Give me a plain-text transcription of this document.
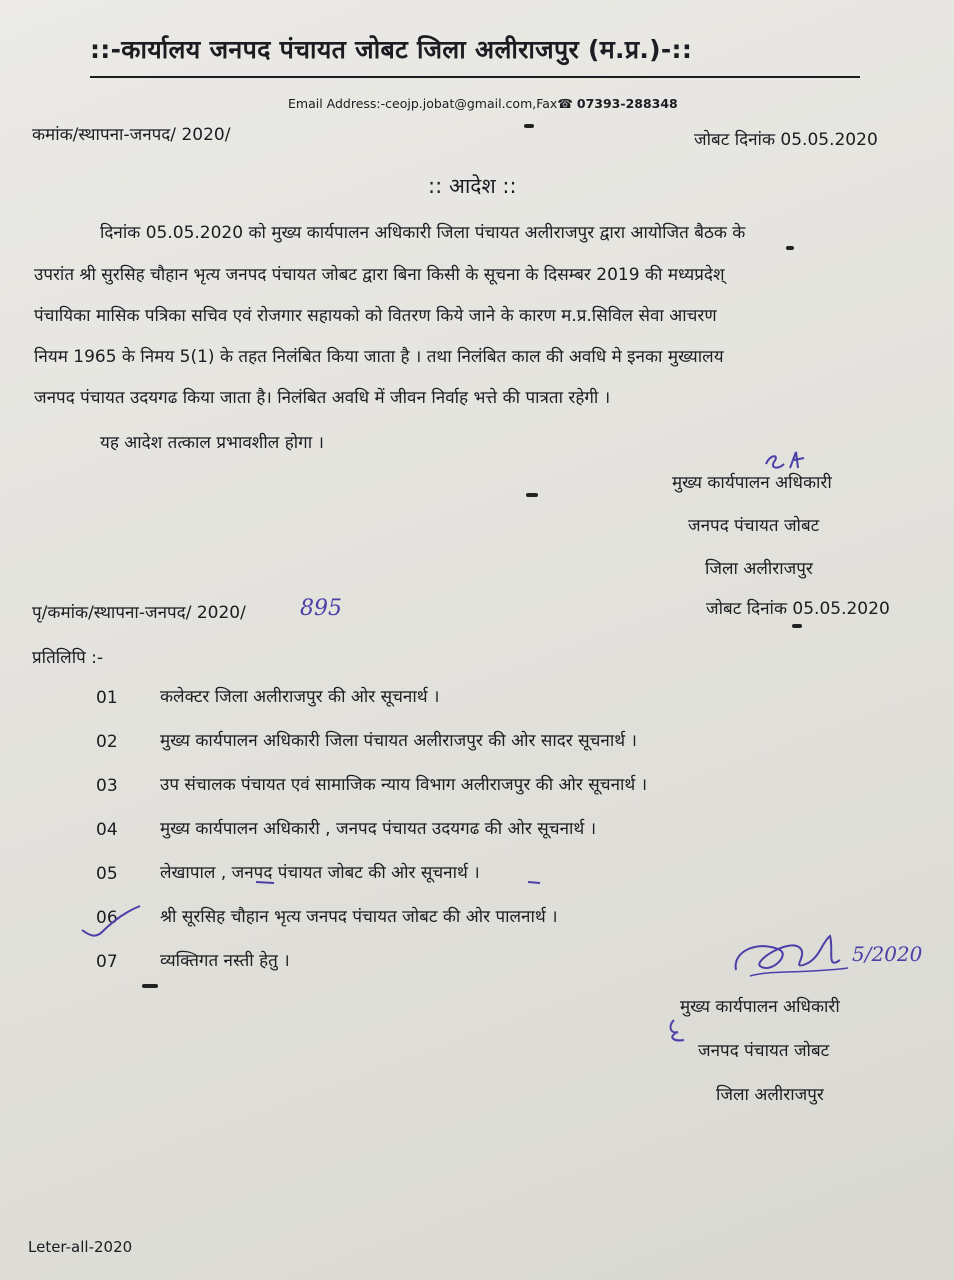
::-कार्यालय जनपद पंचायत जोबट जिला अलीराजपुर (म.प्र.)-::
Email Address:-ceojp.jobat@gmail.com,Fax☎ 07393-288348
कमांक/स्थापना-जनपद/ 2020/	जोबट दिनांक 05.05.2020
:: आदेश ::
दिनांक 05.05.2020 को मुख्य कार्यपालन अधिकारी जिला पंचायत अलीराजपुर द्वारा आयोजित बैठक के
उपरांत श्री सुरसिह चौहान भृत्य जनपद पंचायत जोबट द्वारा बिना किसी के सूचना के दिसम्बर 2019 की मध्यप्रदेश्
पंचायिका मासिक पत्रिका सचिव एवं रोजगार सहायको को वितरण किये जाने के कारण म.प्र.सिविल सेवा आचरण
नियम 1965 के निमय 5(1) के तहत निलंबित किया जाता है । तथा निलंबित काल की अवधि मे इनका मुख्यालय
जनपद पंचायत उदयगढ किया जाता है। निलंबित अवधि में जीवन निर्वाह भत्ते की पात्रता रहेगी ।
यह आदेश तत्काल प्रभावशील होगा ।
मुख्य कार्यपालन अधिकारी
जनपद पंचायत जोबट
जिला अलीराजपुर
पृ/कमांक/स्थापना-जनपद/ 2020/ 895	जोबट दिनांक 05.05.2020
प्रतिलिपि :-
01 कलेक्टर जिला अलीराजपुर की ओर सूचनार्थ ।
02 मुख्य कार्यपालन अधिकारी जिला पंचायत अलीराजपुर की ओर सादर सूचनार्थ ।
03 उप संचालक पंचायत एवं सामाजिक न्याय विभाग अलीराजपुर की ओर सूचनार्थ ।
04 मुख्य कार्यपालन अधिकारी , जनपद पंचायत उदयगढ की ओर सूचनार्थ ।
05 लेखापाल , जनपद पंचायत जोबट की ओर सूचनार्थ ।
06 श्री सूरसिह चौहान भृत्य जनपद पंचायत जोबट की ओर पालनार्थ ।
07 व्यक्तिगत नस्ती हेतु ।	5/2020
मुख्य कार्यपालन अधिकारी
जनपद पंचायत जोबट
जिला अलीराजपुर
Leter-all-2020
